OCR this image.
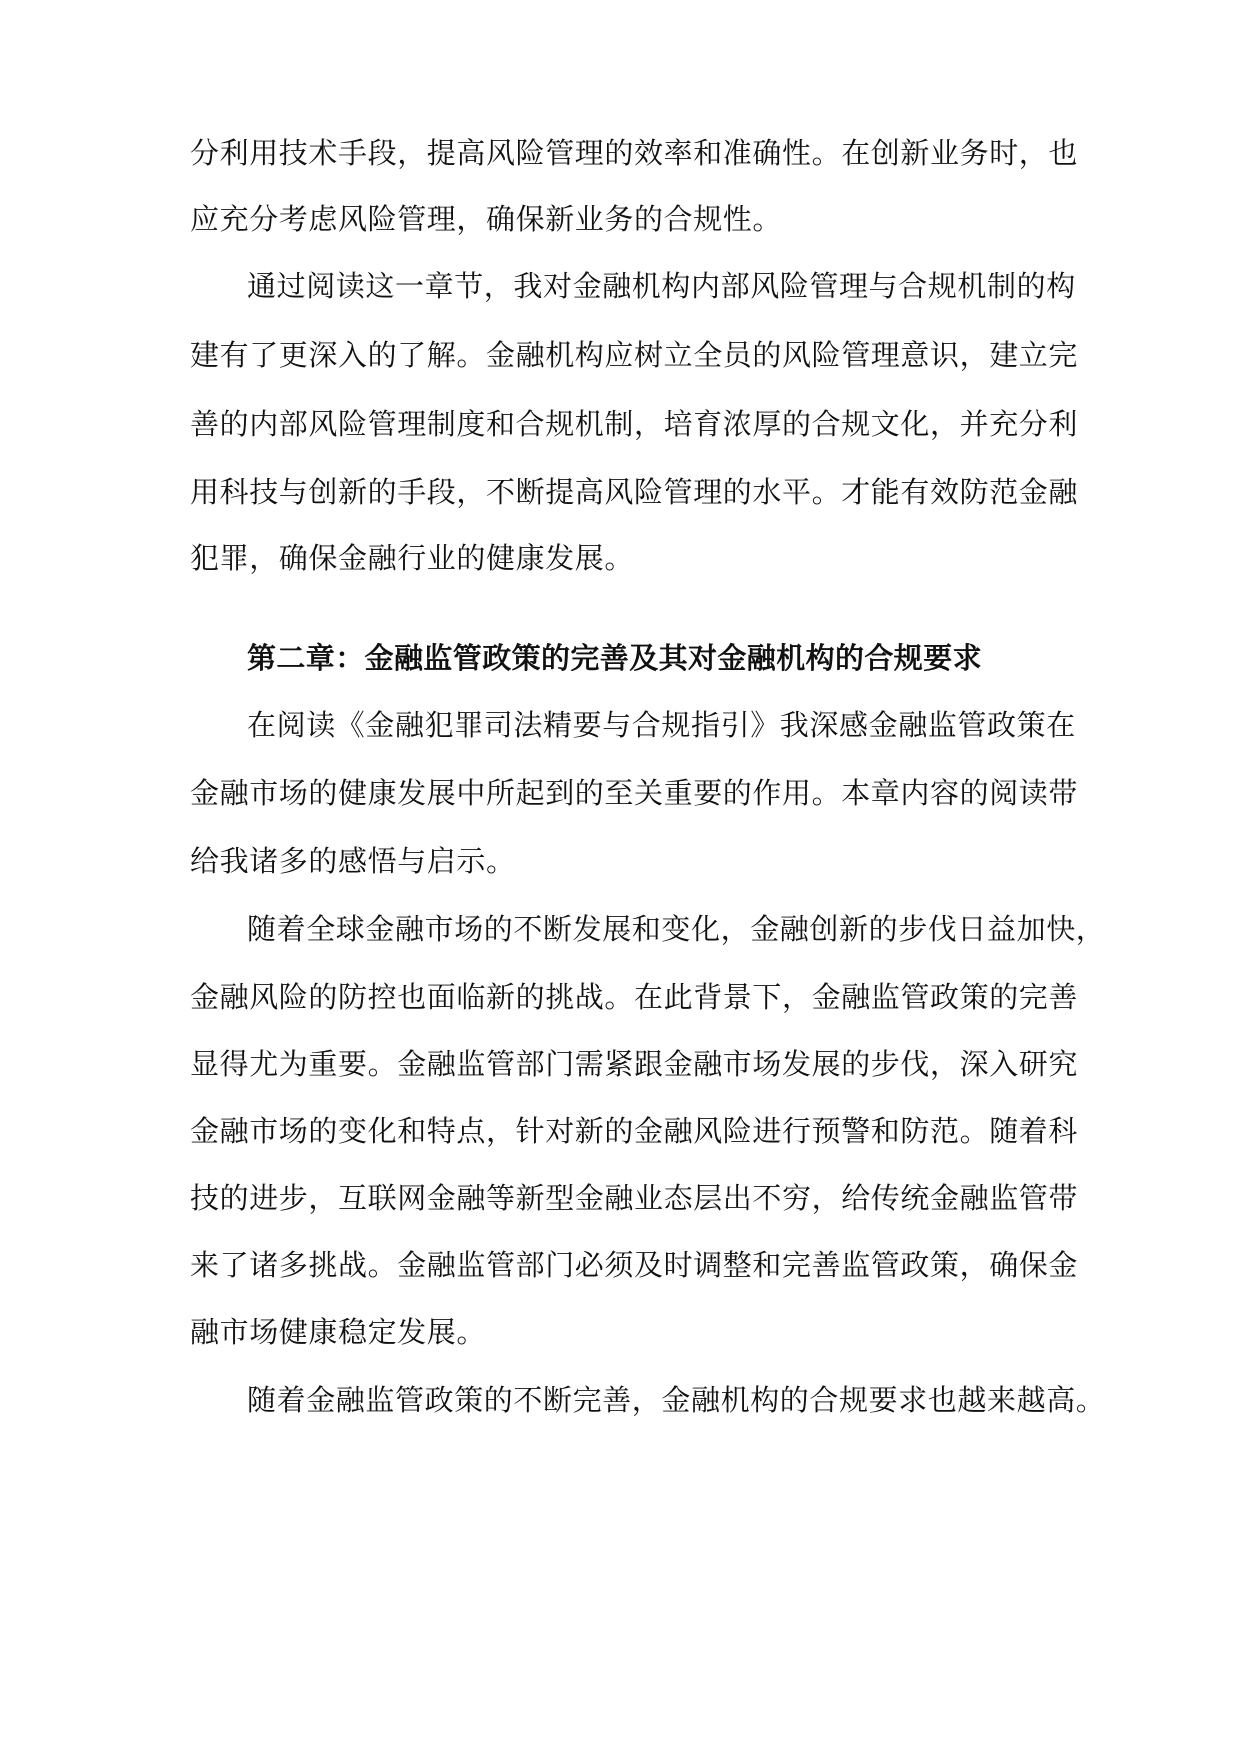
分利用技术手段，提高风险管理的效率和准确性。在创新业务时，也
应充分考虑风险管理，确保新业务的合规性。
通过阅读这一章节，我对金融机构内部风险管理与合规机制的构
建有了更深入的了解。金融机构应树立全员的风险管理意识，建立完
善的内部风险管理制度和合规机制，培育浓厚的合规文化，并充分利
用科技与创新的手段，不断提高风险管理的水平。才能有效防范金融
犯罪，确保金融行业的健康发展。
第二章：金融监管政策的完善及其对金融机构的合规要求
在阅读《金融犯罪司法精要与合规指引》我深感金融监管政策在
金融市场的健康发展中所起到的至关重要的作用。本章内容的阅读带
给我诸多的感悟与启示。
随着全球金融市场的不断发展和变化，金融创新的步伐日益加快，
金融风险的防控也面临新的挑战。在此背景下，金融监管政策的完善
显得尤为重要。金融监管部门需紧跟金融市场发展的步伐，深入研究
金融市场的变化和特点，针对新的金融风险进行预警和防范。随着科
技的进步，互联网金融等新型金融业态层出不穷，给传统金融监管带
来了诸多挑战。金融监管部门必须及时调整和完善监管政策，确保金
融市场健康稳定发展。
随着金融监管政策的不断完善，金融机构的合规要求也越来越高。
